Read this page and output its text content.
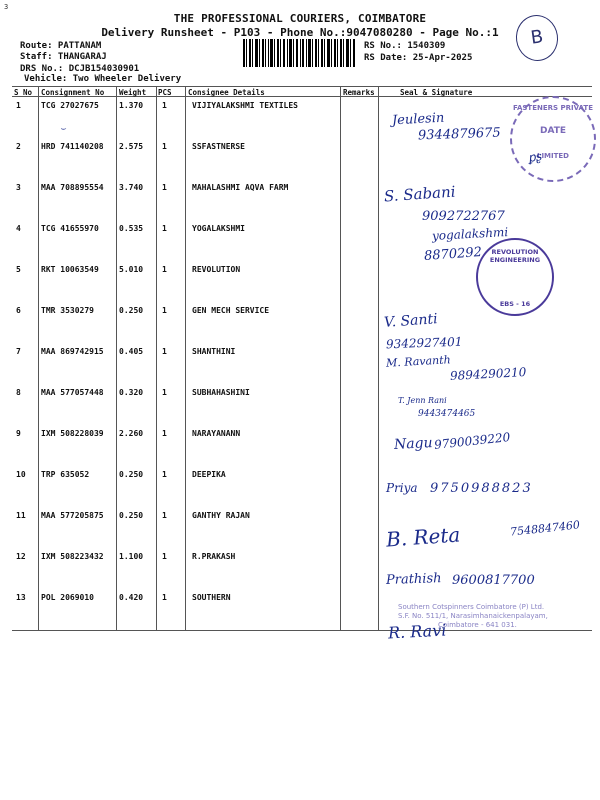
3
THE PROFESSIONAL COURIERS, COIMBATORE
Delivery Runsheet - P103 - Phone No.:9047080280 - Page No.:1	B
Route: PATTANAM
Staff: THANGARAJ
DRS No.: DCJB154030901
Vehicle: Two Wheeler Delivery
RS No.: 1540309
RS Date: 25-Apr-2025
S No Consignment No Weight PCS Consignee Details	Remarks	Seal & Signature
1	TCG 27027675	1.370 1	VIJIYALAKSHMI TEXTILES
2	HRD 741140208 2.575 1	SSFASTNERSE
3	MAA 708895554 3.740 1	MAHALASHMI AQVA FARM
4	TCG 41655970	0.535 1	YOGALAKSHMI
5	RKT 10063549	5.010 1	REVOLUTION
6	TMR 3530279	0.250 1	GEN MECH SERVICE
7	MAA 869742915 0.405 1	SHANTHINI
8	MAA 577057448 0.320 1	SUBHAHASHINI
9	IXM 508228039 2.260 1	NARAYANANN
10 TRP 635052	0.250 1	DEEPIKA
11 MAA 577205875 0.250 1	GANTHY RAJAN
12 IXM 508223432 1.100 1	R.PRAKASH
13 POL 2069010	0.420 1	SOUTHERN
⌣
FASTENERS PRIVATE
DATE
LIMITED
REVOLUTION ENGINEERING
EBS - 16
Southern Cotspinners Coimbatore (P) Ltd.
S.F. No. 511/1, Narasimhanaickenpalayam,
Coimbatore - 641 031.
Jeulesin
9344879675
ꝑʂ
S. Sabani
9092722767
yogalakshmi
8870292
V. Santi
9342927401
M. Ravanth
9894290210
T. Jenn Rani
9443474465
Nagu 9790039220
Priya 9750988823
B. Reta	7548847460
Prathish 9600817700
R. Ravi
